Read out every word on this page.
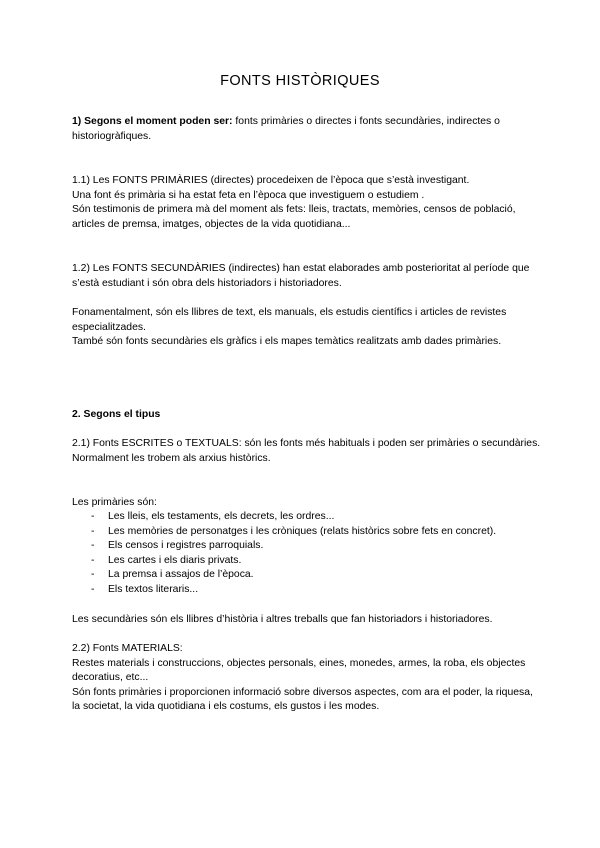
FONTS HISTÒRIQUES

1) Segons el moment poden ser: fonts primàries o directes i fonts secundàries, indirectes o historiogràfiques.

1.1) Les FONTS PRIMÀRIES (directes) procedeixen de l’època que s’està investigant.

Una font és primària si ha estat feta en l’època que investiguem o estudiem .

Són testimonis de primera mà del moment als fets: lleis, tractats, memòries, censos de població, articles de premsa, imatges, objectes de la vida quotidiana...

1.2) Les FONTS SECUNDÀRIES (indirectes) han estat elaborades amb posterioritat al període que s’està estudiant i són obra dels historiadors i historiadores.

Fonamentalment, són els llibres de text, els manuals, els estudis científics i articles de revistes especialitzades.

També són fonts secundàries els gràfics i els mapes temàtics realitzats amb dades primàries.

2. Segons el tipus

2.1) Fonts ESCRITES o TEXTUALS: són les fonts més habituals i poden ser primàries o secundàries.

Normalment les trobem als arxius històrics.

Les primàries són:

- Les lleis, els testaments, els decrets, les ordres...
- Les memòries de personatges i les cròniques (relats històrics sobre fets en concret).
- Els censos i registres parroquials.
- Les cartes i els diaris privats.
- La premsa i assajos de l’època.
- Els textos literaris...

Les secundàries són els llibres d’història i altres treballs que fan historiadors i historiadores.

2.2) Fonts MATERIALS:

Restes materials i construccions, objectes personals, eines, monedes, armes, la roba, els objectes decoratius, etc...

Són fonts primàries i proporcionen informació sobre diversos aspectes, com ara el poder, la riquesa, la societat, la vida quotidiana i els costums, els gustos i les modes.
